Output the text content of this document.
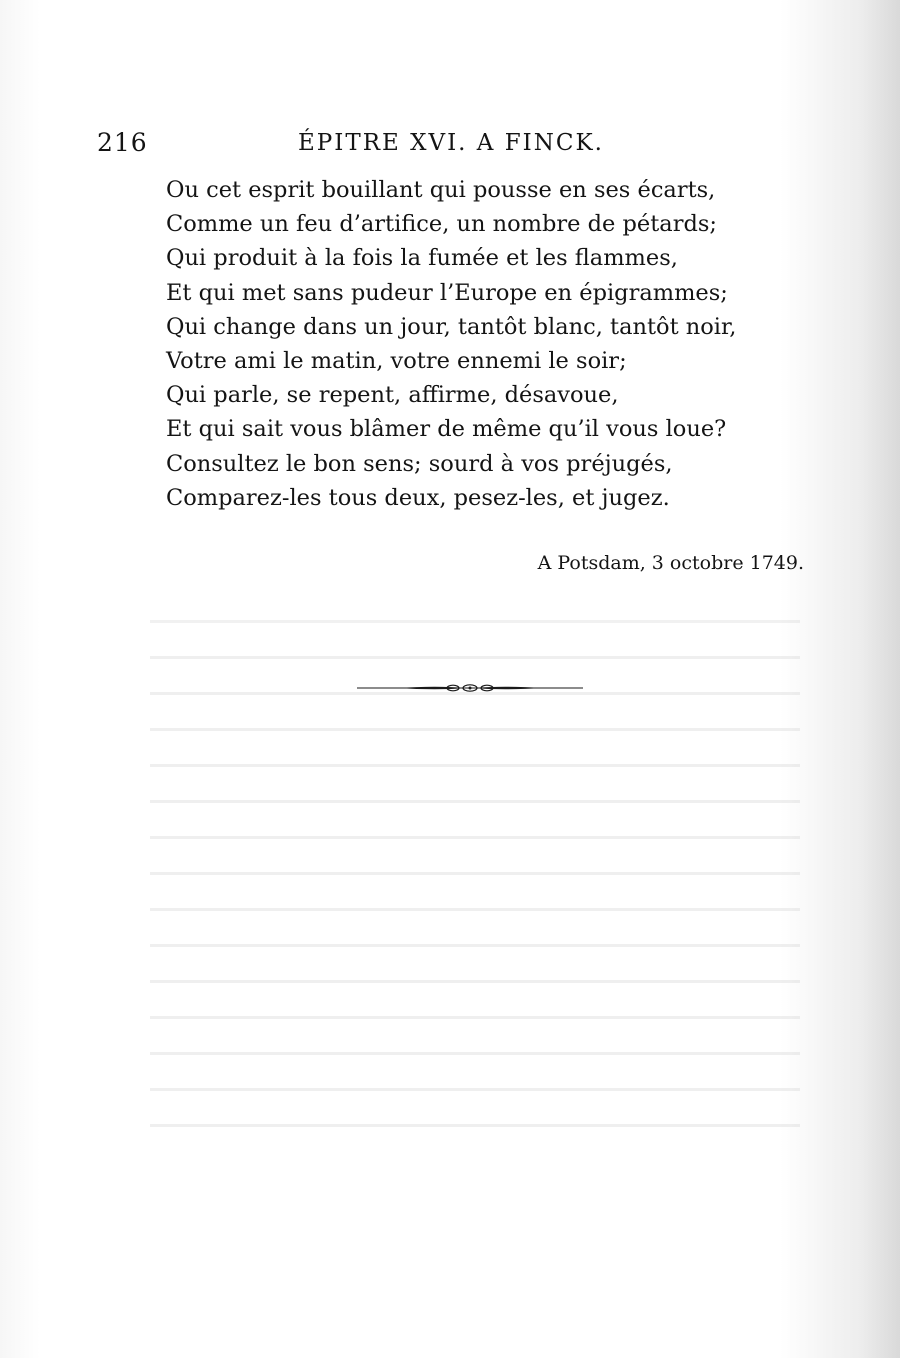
216	ÉPITRE XVI. A FINCK.
Ou cet esprit bouillant qui pousse en ses écarts,
Comme un feu d’artifice, un nombre de pétards;
Qui produit à la fois la fumée et les flammes,
Et qui met sans pudeur l’Europe en épigrammes;
Qui change dans un jour, tantôt blanc, tantôt noir,
Votre ami le matin, votre ennemi le soir;
Qui parle, se repent, affirme, désavoue,
Et qui sait vous blâmer de même qu’il vous loue?
Consultez le bon sens; sourd à vos préjugés,
Comparez-les tous deux, pesez-les, et jugez.
A Potsdam, 3 octobre 1749.
